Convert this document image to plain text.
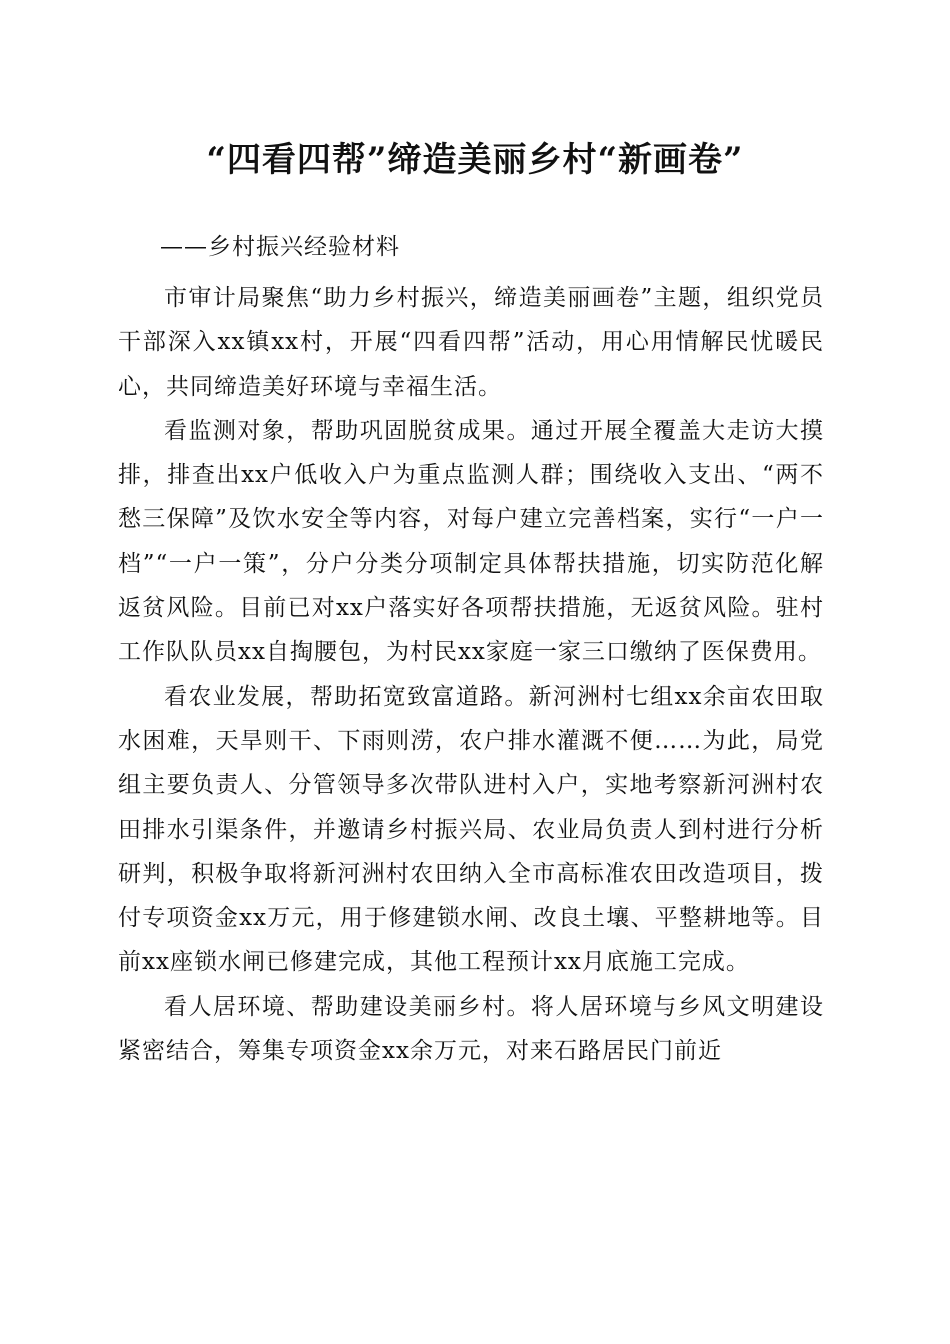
“四看四帮”缔造美丽乡村“新画卷”
——乡村振兴经验材料

市审计局聚焦“助力乡村振兴，缔造美丽画卷”主题，组织党员干部深入xx镇xx村，开展“四看四帮”活动，用心用情解民忧暖民心，共同缔造美好环境与幸福生活。

看监测对象，帮助巩固脱贫成果。通过开展全覆盖大走访大摸排，排查出xx户低收入户为重点监测人群；围绕收入支出、“两不愁三保障”及饮水安全等内容，对每户建立完善档案，实行“一户一档”“一户一策”，分户分类分项制定具体帮扶措施，切实防范化解返贫风险。目前已对xx户落实好各项帮扶措施，无返贫风险。驻村工作队队员xx自掏腰包，为村民xx家庭一家三口缴纳了医保费用。

看农业发展，帮助拓宽致富道路。新河洲村七组xx余亩农田取水困难，天旱则干、下雨则涝，农户排水灌溉不便……为此，局党组主要负责人、分管领导多次带队进村入户，实地考察新河洲村农田排水引渠条件，并邀请乡村振兴局、农业局负责人到村进行分析研判，积极争取将新河洲村农田纳入全市高标准农田改造项目，拨付专项资金xx万元，用于修建锁水闸、改良土壤、平整耕地等。目前xx座锁水闸已修建完成，其他工程预计xx月底施工完成。

看人居环境、帮助建设美丽乡村。将人居环境与乡风文明建设紧密结合，筹集专项资金xx余万元，对来石路居民门前近
